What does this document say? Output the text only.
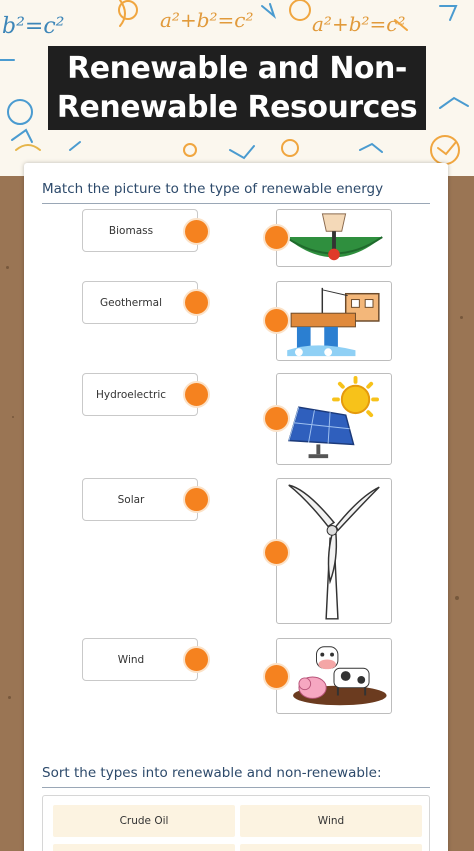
b²=c²	a²+b²=c²	a²+b²=c²
Renewable and Non-
Renewable Resources
Match the picture to the type of renewable energy
Biomass
Geothermal
Hydroelectric
Solar
Wind
Sort the types into renewable and non-renewable:
Crude Oil	Wind
